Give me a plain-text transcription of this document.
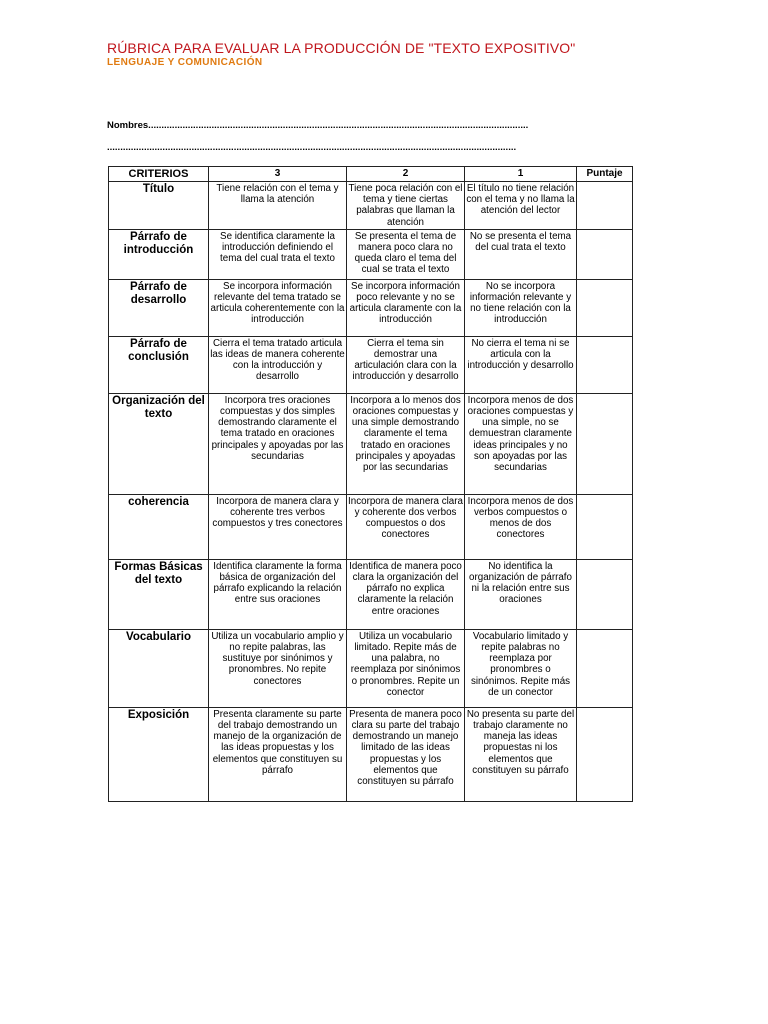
RÚBRICA PARA EVALUAR LA PRODUCCIÓN DE "TEXTO EXPOSITIVO"
LENGUAJE Y COMUNICACIÓN
Nombres................................................................................................................................................
...........................................................................................................................................................
CRITERIOS	3	2	1	Puntaje
Título	Tiene relación con el tema y llama la atención	Tiene poca relación con el tema y tiene ciertas palabras que llaman la atención	El título no tiene relación con el tema y no llama la atención del lector	
Párrafo de introducción	Se identifica claramente la introducción definiendo el tema del cual trata el texto	Se presenta el tema de manera poco clara no queda claro el tema del cual se trata el texto	No se presenta el tema del cual trata el texto	
Párrafo de desarrollo	Se incorpora información relevante del tema tratado se articula coherentemente con la introducción	Se incorpora información poco relevante y no se articula claramente con la introducción	No se incorpora información relevante y no tiene relación con la introducción	
Párrafo de conclusión	Cierra el tema tratado articula las ideas de manera coherente con la introducción y desarrollo	Cierra el tema sin demostrar una articulación clara con la introducción y desarrollo	No cierra el tema ni se articula con la introducción y desarrollo	
Organización del texto	Incorpora tres oraciones compuestas y dos simples demostrando claramente el tema tratado en oraciones principales y apoyadas por las secundarias	Incorpora a lo menos dos oraciones compuestas y una simple demostrando claramente el tema tratado en oraciones principales y apoyadas por las secundarias	Incorpora menos de dos oraciones compuestas y una simple, no se demuestran claramente ideas principales y no son apoyadas por las secundarias	
coherencia	Incorpora de manera clara y coherente tres verbos compuestos y tres conectores	Incorpora de manera clara y coherente dos verbos compuestos o dos conectores	Incorpora menos de dos verbos compuestos o menos de dos conectores	
Formas Básicas del texto	Identifica claramente la forma básica de organización del párrafo explicando la relación entre sus oraciones	Identifica de manera poco clara la organización del párrafo no explica claramente la relación entre oraciones	No identifica la organización de párrafo ni la relación entre sus oraciones	
Vocabulario	Utiliza un vocabulario amplio y no repite palabras, las sustituye por sinónimos y pronombres. No repite conectores	Utiliza un vocabulario limitado. Repite más de una palabra, no reemplaza por sinónimos o pronombres. Repite un conector	Vocabulario limitado y repite palabras no reemplaza por pronombres o sinónimos. Repite más de un conector	
Exposición	Presenta claramente su parte del trabajo demostrando un manejo de la organización de las ideas propuestas y los elementos que constituyen su párrafo	Presenta de manera poco clara su parte del trabajo demostrando un manejo limitado de las ideas propuestas y los elementos que constituyen su párrafo	No presenta su parte del trabajo claramente no maneja las ideas propuestas ni los elementos que constituyen su párrafo	
